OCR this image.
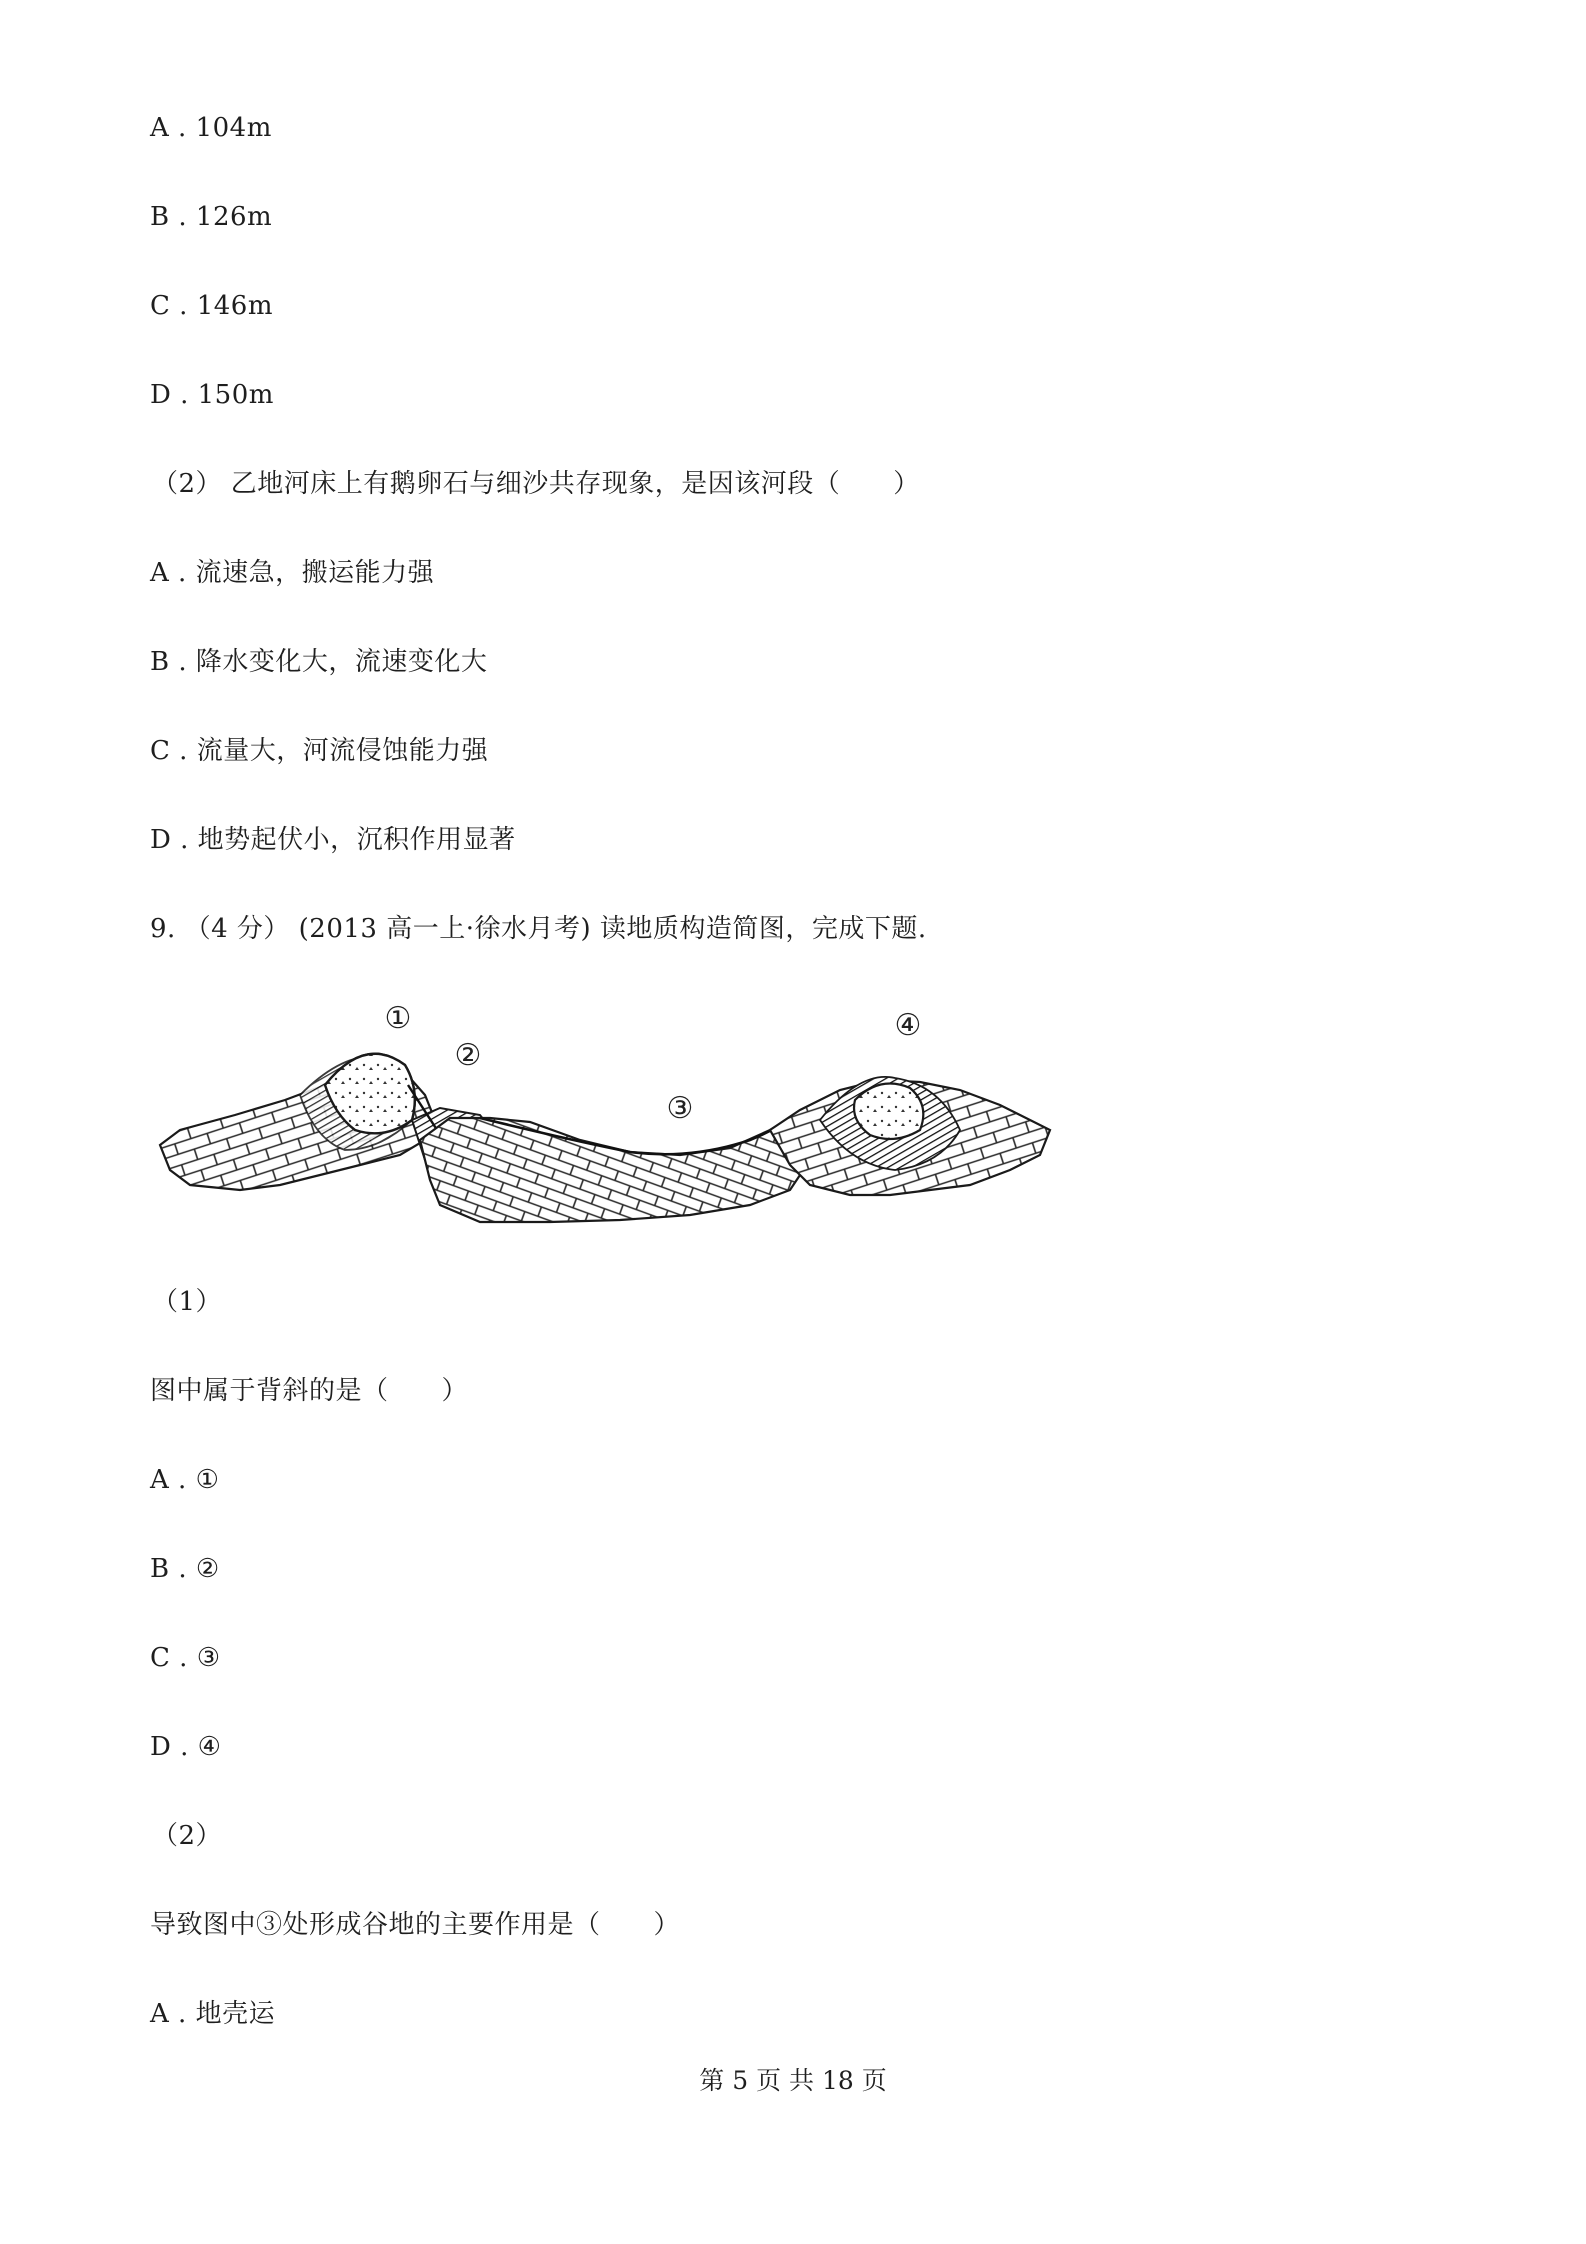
A . 104m
B . 126m
C . 146m
D . 150m
（2） 乙地河床上有鹅卵石与细沙共存现象，是因该河段（　　）
A . 流速急，搬运能力强
B . 降水变化大，流速变化大
C . 流量大，河流侵蚀能力强
D . 地势起伏小，沉积作用显著
9. （4 分） (2013 高一上·徐水月考) 读地质构造简图，完成下题.
①
②
③
④
（1）
图中属于背斜的是（　　）
A . ①
B . ②
C . ③
D . ④
（2）
导致图中③处形成谷地的主要作用是（　　）
A . 地壳运
第 5 页 共 18 页
